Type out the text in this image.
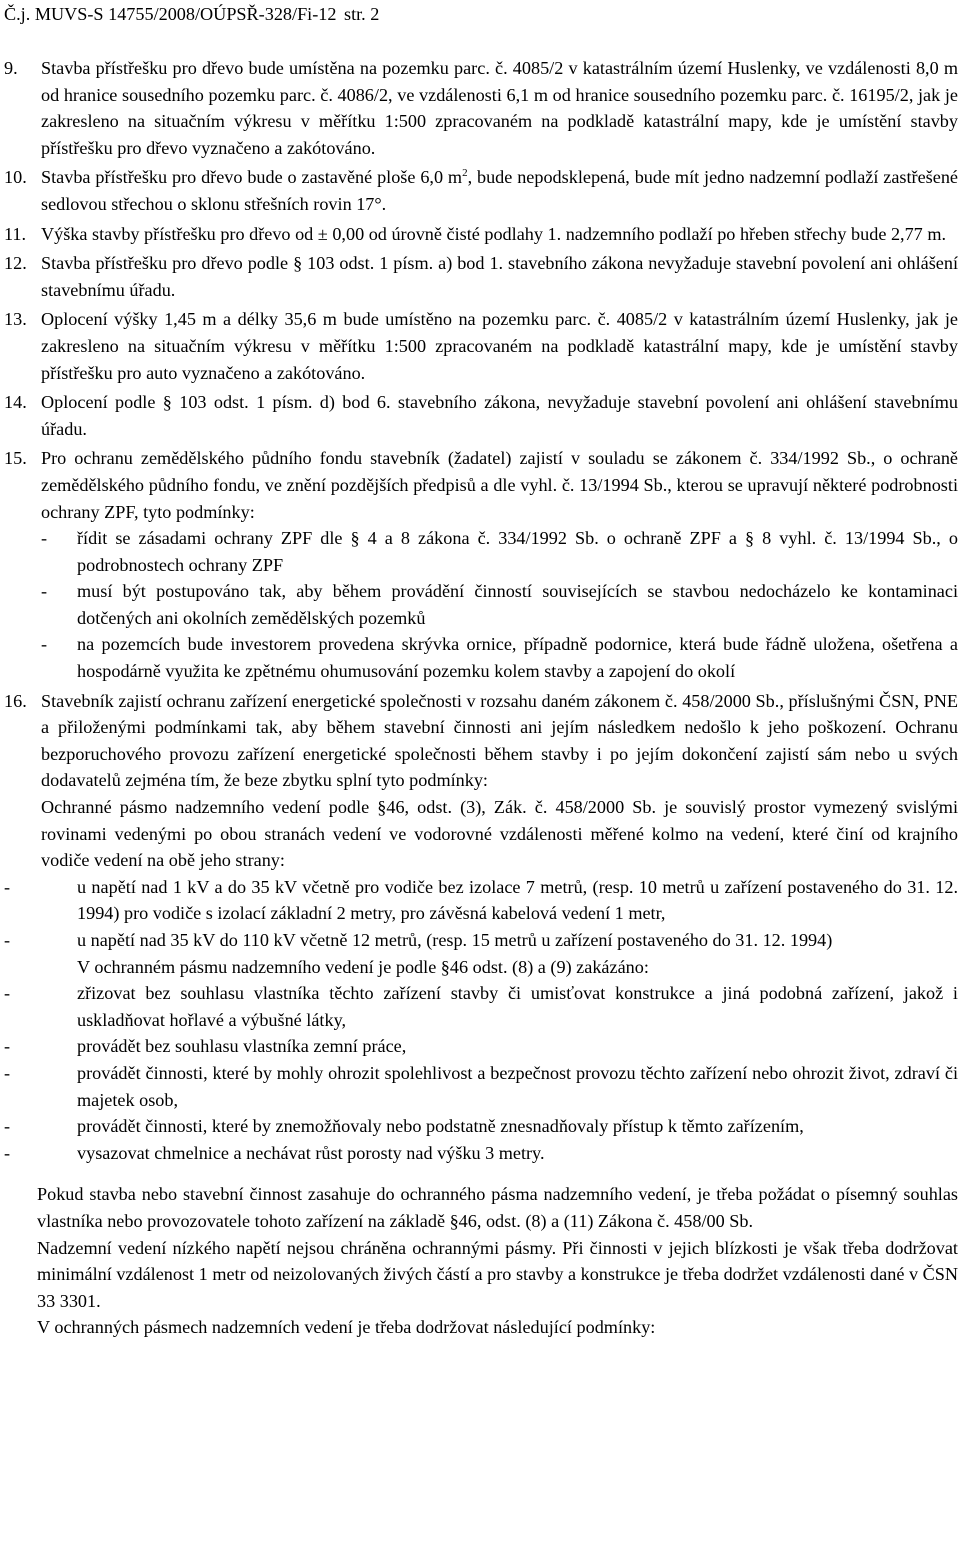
Č.j. MUVS-S 14755/2008/OÚPSŘ-328/Fi-12 str. 2
9. Stavba přístřešku pro dřevo bude umístěna na pozemku parc. č. 4085/2 v katastrálním území Huslenky, ve vzdálenosti 8,0 m od hranice sousedního pozemku parc. č. 4086/2, ve vzdálenosti 6,1 m od hranice sousedního pozemku parc. č. 16195/2, jak je zakresleno na situačním výkresu v měřítku 1:500 zpracovaném na podkladě katastrální mapy, kde je umístění stavby přístřešku pro dřevo vyznačeno a zakótováno.

10. Stavba přístřešku pro dřevo bude o zastavěné ploše 6,0 $m^2$, bude nepodsklepená, bude mít jedno nadzemní podlaží zastřešené sedlovou střechou o sklonu střešních rovin 17°.

11. Výška stavby přístřešku pro dřevo od ± 0,00 od úrovně čisté podlahy 1. nadzemního podlaží po hřeben střechy bude 2,77 m.

12. Stavba přístřešku pro dřevo podle § 103 odst. 1 písm. a) bod 1. stavebního zákona nevyžaduje stavební povolení ani ohlášení stavebnímu úřadu.

13. Oplocení výšky 1,45 m a délky 35,6 m bude umístěno na pozemku parc. č. 4085/2 v katastrálním území Huslenky, jak je zakresleno na situačním výkresu v měřítku 1:500 zpracovaném na podkladě katastrální mapy, kde je umístění stavby přístřešku pro auto vyznačeno a zakótováno.

14. Oplocení podle § 103 odst. 1 písm. d) bod 6. stavebního zákona, nevyžaduje stavební povolení ani ohlášení stavebnímu úřadu.

15. Pro ochranu zemědělského půdního fondu stavebník (žadatel) zajistí v souladu se zákonem č. 334/1992 Sb., o ochraně zemědělského půdního fondu, ve znění pozdějších předpisů a dle vyhl. č. 13/1994 Sb., kterou se upravují některé podrobnosti ochrany ZPF, tyto podmínky:

- řídit se zásadami ochrany ZPF dle § 4 a 8 zákona č. 334/1992 Sb. o ochraně ZPF a § 8 vyhl. č. 13/1994 Sb., o podrobnostech ochrany ZPF
- musí být postupováno tak, aby během provádění činností souvisejících se stavbou nedocházelo ke kontaminaci dotčených ani okolních zemědělských pozemků
- na pozemcích bude investorem provedena skrývka ornice, případně podornice, která bude řádně uložena, ošetřena a hospodárně využita ke zpětnému ohumusování pozemku kolem stavby a zapojení do okolí
16. Stavebník zajistí ochranu zařízení energetické společnosti v rozsahu daném zákonem č. 458/2000 Sb., příslušnými ČSN, PNE a přiloženými podmínkami tak, aby během stavební činnosti ani jejím následkem nedošlo k jeho poškození. Ochranu bezporuchového provozu zařízení energetické společnosti během stavby i po jejím dokončení zajistí sám nebo u svých dodavatelů zejména tím, že beze zbytku splní tyto podmínky:

Ochranné pásmo nadzemního vedení podle §46, odst. (3), Zák. č. 458/2000 Sb. je souvislý prostor vymezený svislými rovinami vedenými po obou stranách vedení ve vodorovné vzdálenosti měřené kolmo na vedení, které činí od krajního vodiče vedení na obě jeho strany:

-	u napětí nad 1 kV a do 35 kV včetně pro vodiče bez izolace 7 metrů, (resp. 10 metrů u zařízení postaveného do 31. 12. 1994) pro vodiče s izolací základní 2 metry, pro závěsná kabelová vedení 1 metr,
-	u napětí nad 35 kV do 110 kV včetně 12 metrů, (resp. 15 metrů u zařízení postaveného do 31. 12. 1994)

V ochranném pásmu nadzemního vedení je podle §46 odst. (8) a (9) zakázáno:

-	zřizovat bez souhlasu vlastníka těchto zařízení stavby či umisťovat konstrukce a jiná podobná zařízení, jakož i uskladňovat hořlavé a výbušné látky,
-	provádět bez souhlasu vlastníka zemní práce,
-	provádět činnosti, které by mohly ohrozit spolehlivost a bezpečnost provozu těchto zařízení nebo ohrozit život, zdraví či majetek osob,
-	provádět činnosti, které by znemožňovaly nebo podstatně znesnadňovaly přístup k těmto zařízením,
-	vysazovat chmelnice a nechávat růst porosty nad výšku 3 metry.

Pokud stavba nebo stavební činnost zasahuje do ochranného pásma nadzemního vedení, je třeba požádat o písemný souhlas vlastníka nebo provozovatele tohoto zařízení na základě §46, odst. (8) a (11) Zákona č. 458/00 Sb.

Nadzemní vedení nízkého napětí nejsou chráněna ochrannými pásmy. Při činnosti v jejich blízkosti je však třeba dodržovat minimální vzdálenost 1 metr od neizolovaných živých částí a pro stavby a konstrukce je třeba dodržet vzdálenosti dané v ČSN 33 3301.

V ochranných pásmech nadzemních vedení je třeba dodržovat následující podmínky:
